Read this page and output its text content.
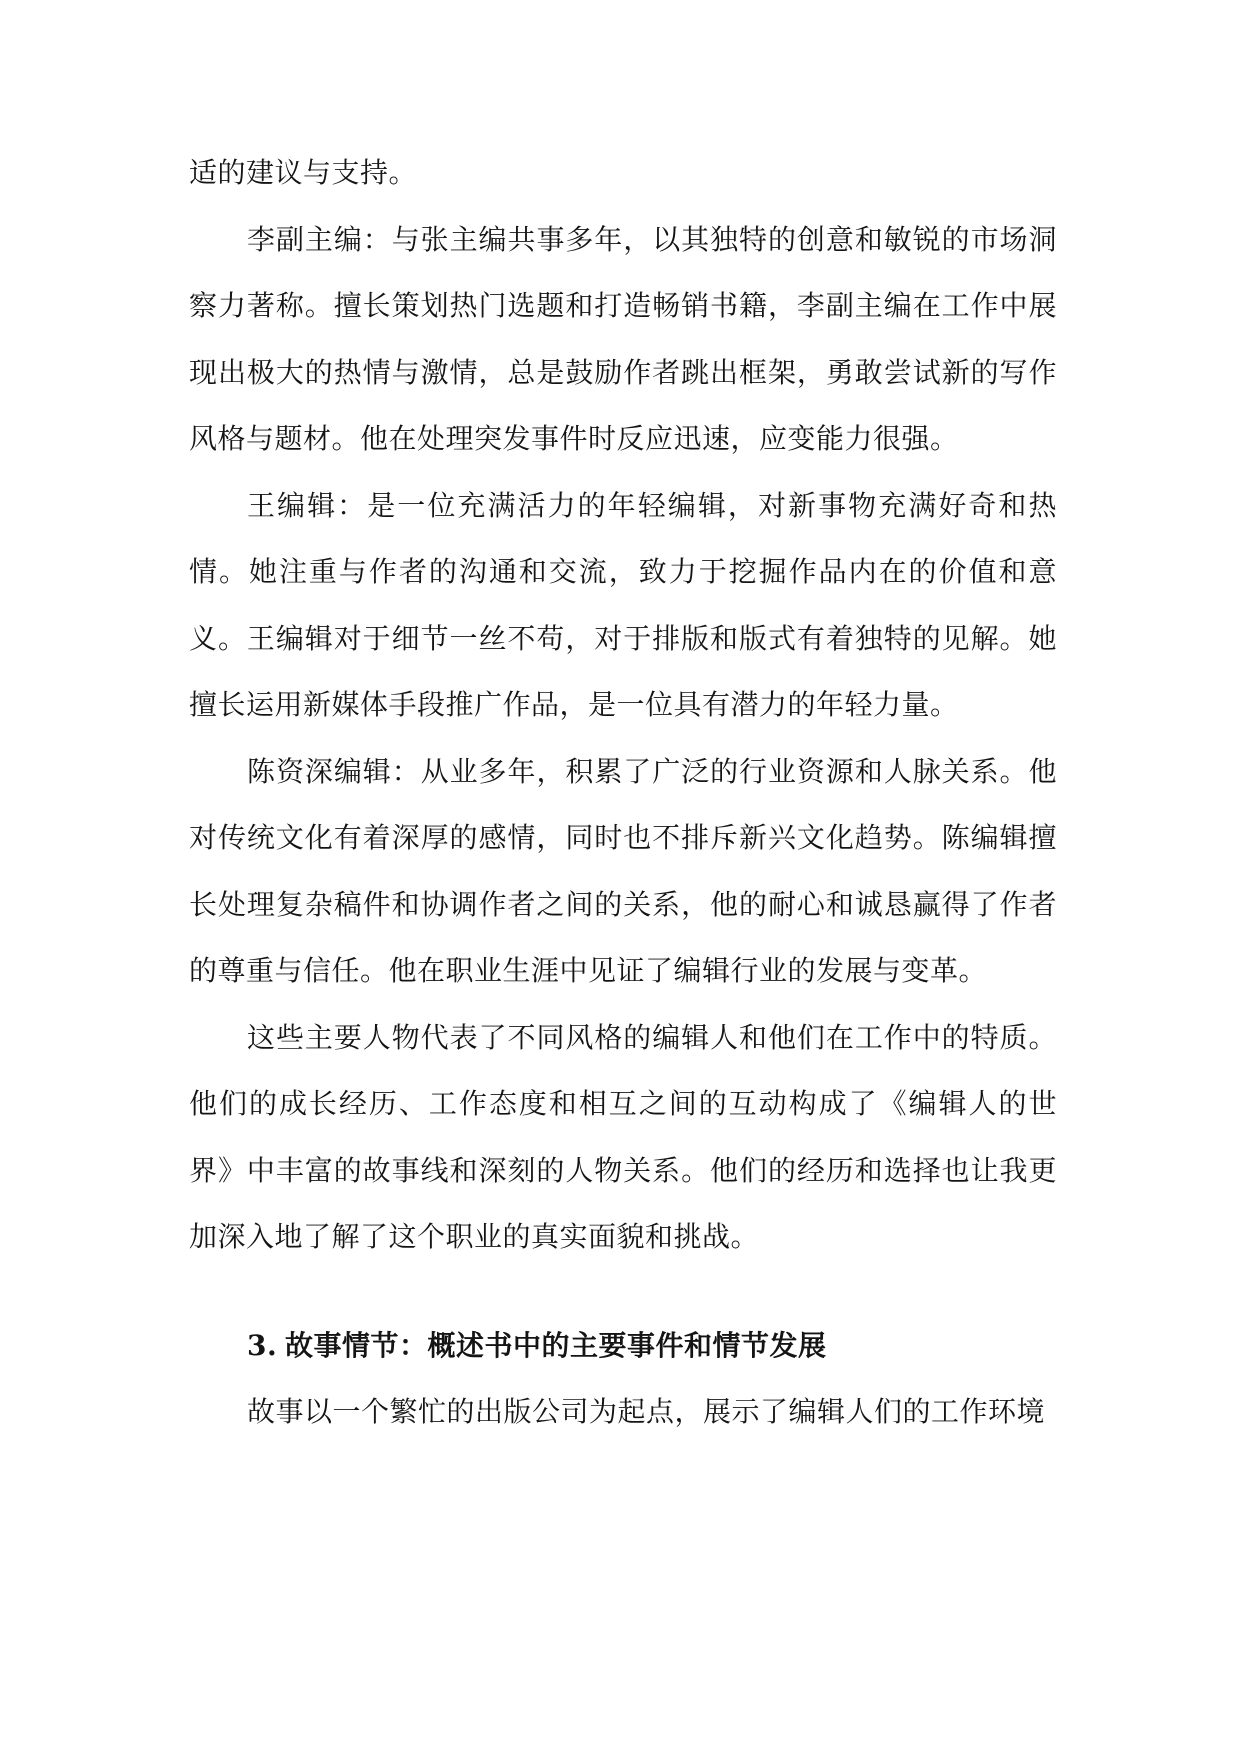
适的建议与支持。

李副主编：与张主编共事多年，以其独特的创意和敏锐的市场洞察力著称。擅长策划热门选题和打造畅销书籍，李副主编在工作中展现出极大的热情与激情，总是鼓励作者跳出框架，勇敢尝试新的写作风格与题材。他在处理突发事件时反应迅速，应变能力很强。

王编辑：是一位充满活力的年轻编辑，对新事物充满好奇和热情。她注重与作者的沟通和交流，致力于挖掘作品内在的价值和意义。王编辑对于细节一丝不苟，对于排版和版式有着独特的见解。她擅长运用新媒体手段推广作品，是一位具有潜力的年轻力量。

陈资深编辑：从业多年，积累了广泛的行业资源和人脉关系。他对传统文化有着深厚的感情，同时也不排斥新兴文化趋势。陈编辑擅长处理复杂稿件和协调作者之间的关系，他的耐心和诚恳赢得了作者的尊重与信任。他在职业生涯中见证了编辑行业的发展与变革。

这些主要人物代表了不同风格的编辑人和他们在工作中的特质。他们的成长经历、工作态度和相互之间的互动构成了《编辑人的世界》中丰富的故事线和深刻的人物关系。他们的经历和选择也让我更加深入地了解了这个职业的真实面貌和挑战。

3. 故事情节：概述书中的主要事件和情节发展

故事以一个繁忙的出版公司为起点，展示了编辑人们的工作环境
